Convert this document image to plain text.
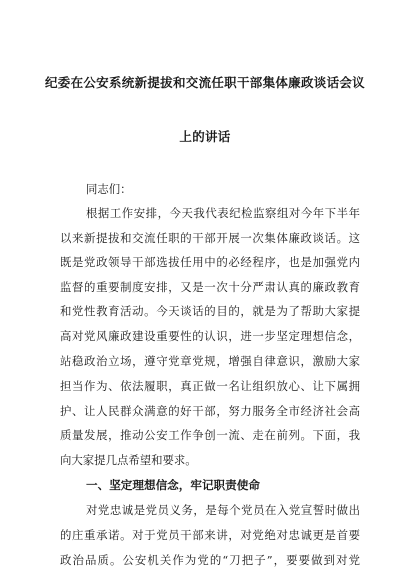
纪委在公安系统新提拔和交流任职干部集体廉政谈话会议
上的讲话
同志们：
一、坚定理想信念，牢记职责使命
对党忠诚是党员义务，是每个党员在入党宣誓时做出
的庄重承诺。对于党员干部来讲，对党绝对忠诚更是首要
政治品质。公安机关作为党的“刀把子”，要要做到对党
根据工作安排，今天我代表纪检监察组对今年下半年
以来新提拔和交流任职的干部开展一次集体廉政谈话。这
既是党政领导干部选拔任用中的必经程序，也是加强党内
监督的重要制度安排，又是一次十分严肃认真的廉政教育
和党性教育活动。今天谈话的目的，就是为了帮助大家提
高对党风廉政建设重要性的认识，进一步坚定理想信念，
站稳政治立场，遵守党章党规，增强自律意识，激励大家
担当作为、依法履职，真正做一名让组织放心、让下属拥
护、让人民群众满意的好干部，努力服务全市经济社会高
质量发展，推动公安工作争创一流、走在前列。下面，我
向大家提几点希望和要求。
